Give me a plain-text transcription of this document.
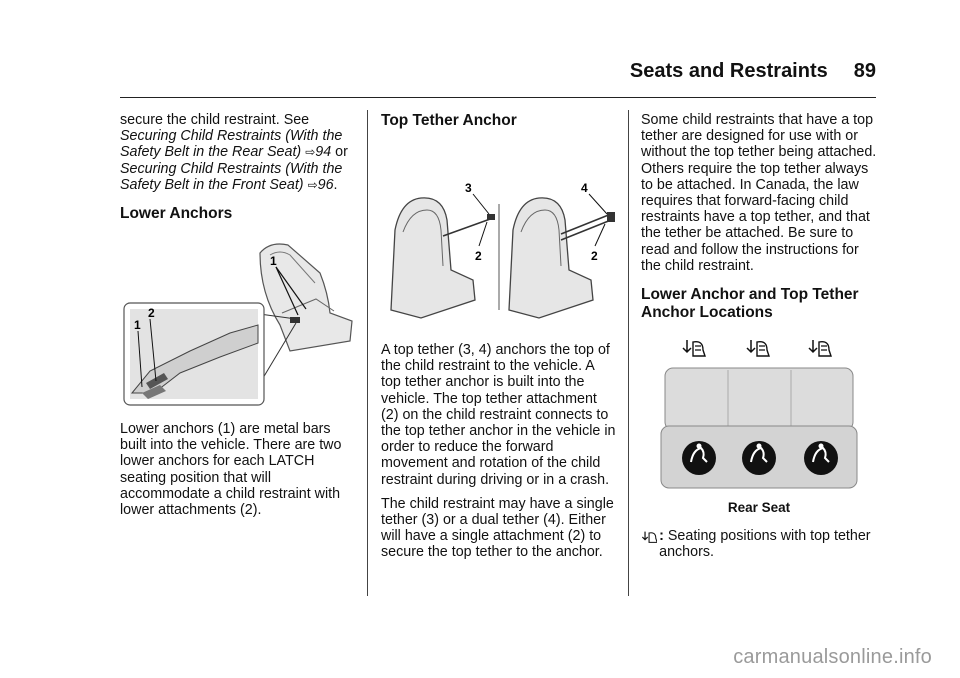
Seats and Restraints 89

secure the child restraint. See Securing Child Restraints (With the Safety Belt in the Rear Seat) ⇨94 or Securing Child Restraints (With the Safety Belt in the Front Seat) ⇨96.

Lower Anchors
1
2
1

Lower anchors (1) are metal bars built into the vehicle. There are two lower anchors for each LATCH seating position that will accommodate a child restraint with lower attachments (2).

Top Tether Anchor
3
2
4
2

A top tether (3, 4) anchors the top of the child restraint to the vehicle. A top tether anchor is built into the vehicle. The top tether attachment (2) on the child restraint connects to the top tether anchor in the vehicle in order to reduce the forward movement and rotation of the child restraint during driving or in a crash.

The child restraint may have a single tether (3) or a dual tether (4). Either will have a single attachment (2) to secure the top tether to the anchor.

Some child restraints that have a top tether are designed for use with or without the top tether being attached. Others require the top tether always to be attached. In Canada, the law requires that forward-facing child restraints have a top tether, and that the tether be attached. Be sure to read and follow the instructions for the child restraint.

Lower Anchor and Top Tether Anchor Locations
Rear Seat
: Seating positions with top tether anchors.
carmanualsonline.info
